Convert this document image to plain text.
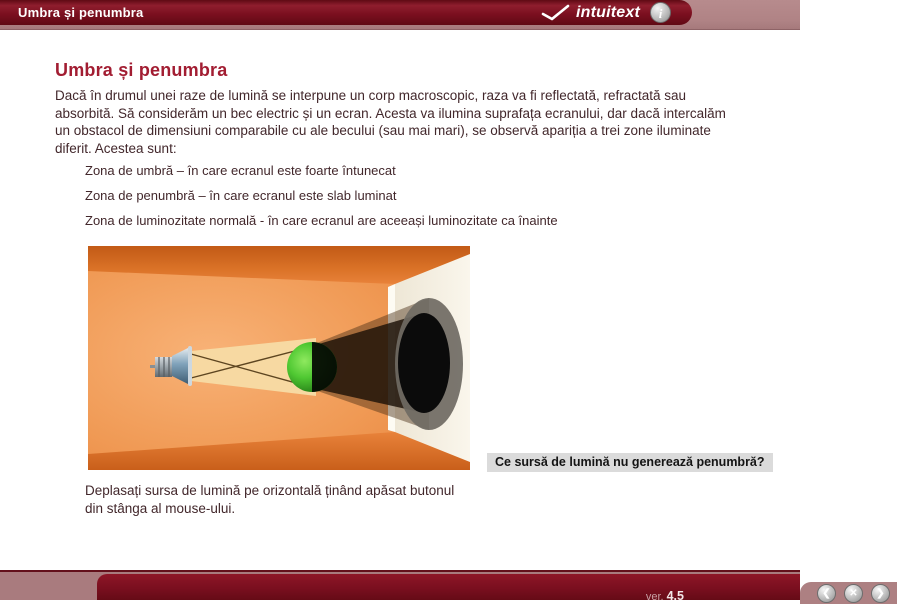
Umbra și penumbra	intuitext	i
Umbra și penumbra

Dacă în drumul unei raze de lumină se interpune un corp macroscopic, raza va fi reflectată, refractată sau absorbită. Să considerăm un bec electric și un ecran. Acesta va ilumina suprafața ecranului, dar dacă intercalăm un obstacol de dimensiuni comparabile cu ale becului (sau mai mari), se observă apariția a trei zone iluminate diferit. Acestea sunt:

Zona de umbră – în care ecranul este foarte întunecat
Zona de penumbră – în care ecranul este slab luminat
Zona de luminozitate normală - în care ecranul are aceeași luminozitate ca înainte
Ce sursă de lumină nu generează penumbră?

Deplasați sursa de lumină pe orizontală ținând apăsat butonul
din stânga al mouse-ului.

ver. 4.5	❮	✕	❯
